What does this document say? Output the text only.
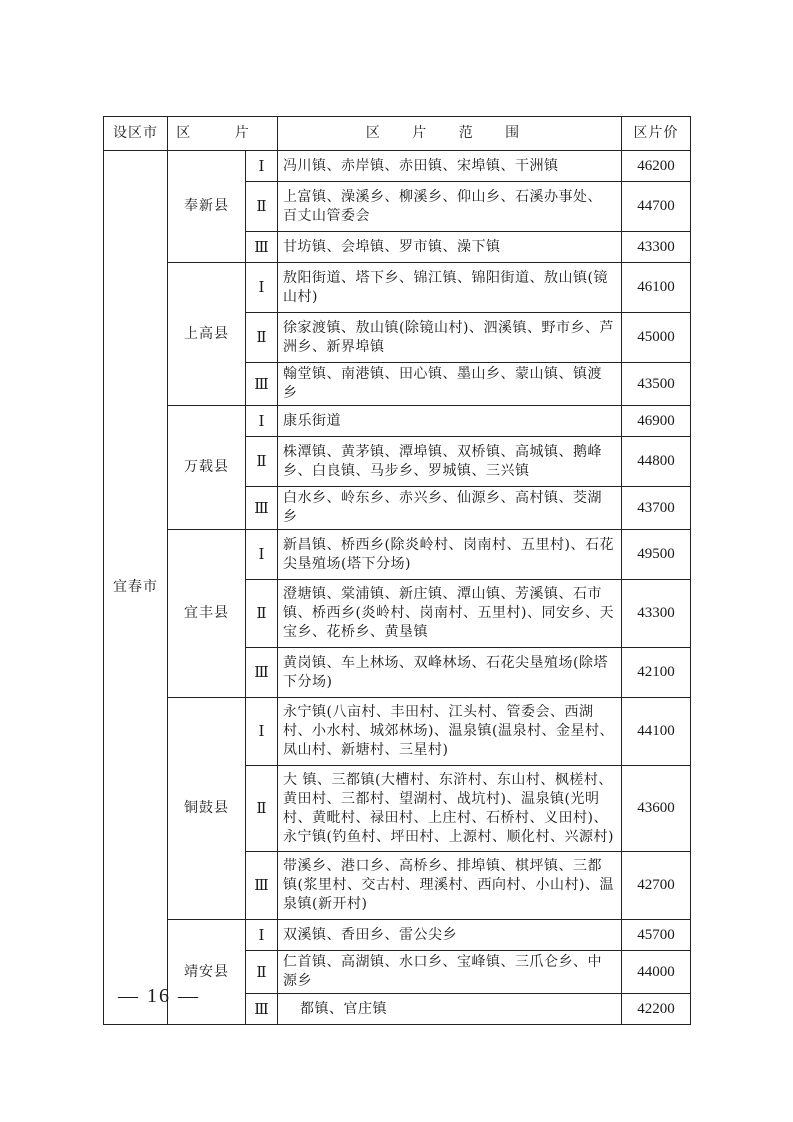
设区市	区 片		区 片 范 围	区片价
宜春市	奉新县	Ⅰ	冯川镇、赤岸镇、赤田镇、宋埠镇、干洲镇	46200
		Ⅱ	上富镇、澡溪乡、柳溪乡、仰山乡、石溪办事处、百丈山管委会	44700
		Ⅲ	甘坊镇、会埠镇、罗市镇、澡下镇	43300
	上高县	Ⅰ	敖阳街道、塔下乡、锦江镇、锦阳街道、敖山镇(镜山村)	46100
		Ⅱ	徐家渡镇、敖山镇(除镜山村)、泗溪镇、野市乡、芦洲乡、新界埠镇	45000
		Ⅲ	翰堂镇、南港镇、田心镇、墨山乡、蒙山镇、镇渡乡	43500
	万载县	Ⅰ	康乐街道	46900
		Ⅱ	株潭镇、黄茅镇、潭埠镇、双桥镇、高城镇、鹅峰乡、白良镇、马步乡、罗城镇、三兴镇	44800
		Ⅲ	白水乡、岭东乡、赤兴乡、仙源乡、高村镇、茭湖乡	43700
	宜丰县	Ⅰ	新昌镇、桥西乡(除炎岭村、岗南村、五里村)、石花尖垦殖场(塔下分场)	49500
		Ⅱ	澄塘镇、棠浦镇、新庄镇、潭山镇、芳溪镇、石市镇、桥西乡(炎岭村、岗南村、五里村)、同安乡、天宝乡、花桥乡、黄垦镇	43300
		Ⅲ	黄岗镇、车上林场、双峰林场、石花尖垦殖场(除塔下分场)	42100
	铜鼓县	Ⅰ	永宁镇(八亩村、丰田村、江头村、管委会、西湖村、小水村、城郊林场)、温泉镇(温泉村、金星村、凤山村、新塘村、三星村)	44100
		Ⅱ	大 镇、三都镇(大槽村、东浒村、东山村、枫槎村、黄田村、三都村、望湖村、战坑村)、温泉镇(光明村、黄毗村、禄田村、上庄村、石桥村、义田村)、永宁镇(钓鱼村、坪田村、上源村、顺化村、兴源村)	43600
		Ⅲ	带溪乡、港口乡、高桥乡、排埠镇、棋坪镇、三都镇(浆里村、交古村、理溪村、西向村、小山村)、温泉镇(新开村)	42700
	靖安县	Ⅰ	双溪镇、香田乡、雷公尖乡	45700
		Ⅱ	仁首镇、高湖镇、水口乡、宝峰镇、三爪仑乡、中源乡	44000
		Ⅲ	都镇、官庄镇	42200
— 16 —
